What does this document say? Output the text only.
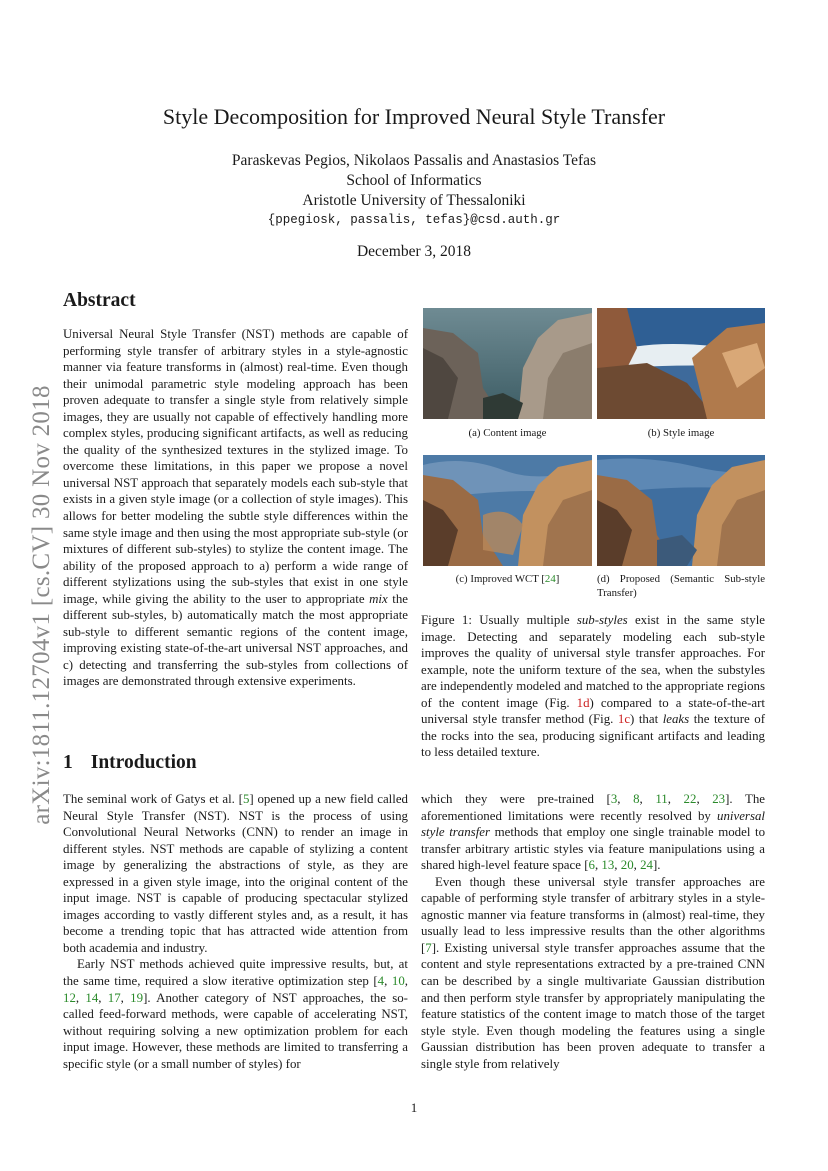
arXiv:1811.12704v1 [cs.CV] 30 Nov 2018
Style Decomposition for Improved Neural Style Transfer
Paraskevas Pegios, Nikolaos Passalis and Anastasios Tefas
School of Informatics
Aristotle University of Thessaloniki
{ppegiosk, passalis, tefas}@csd.auth.gr
December 3, 2018
Abstract

Universal Neural Style Transfer (NST) methods are capable of performing style transfer of arbitrary styles in a style-agnostic manner via feature transforms in (almost) real-time. Even though their unimodal parametric style modeling approach has been proven adequate to transfer a single style from relatively simple images, they are usually not capable of effectively handling more complex styles, producing significant artifacts, as well as reducing the quality of the synthesized textures in the stylized image. To overcome these limitations, in this paper we propose a novel universal NST approach that separately models each sub-style that exists in a given style image (or a collection of style images). This allows for better modeling the subtle style differences within the same style image and then using the most appropriate sub-style (or mixtures of different sub-styles) to stylize the content image. The ability of the proposed approach to a) perform a wide range of different stylizations using the sub-styles that exist in one style image, while giving the ability to the user to appropriate mix the different sub-styles, b) automatically match the most appropriate sub-style to different semantic regions of the content image, improving existing state-of-the-art universal NST approaches, and c) detecting and transferring the sub-styles from collections of images are demonstrated through extensive experiments.

1 Introduction

The seminal work of Gatys et al. [5] opened up a new field called Neural Style Transfer (NST). NST is the process of using Convolutional Neural Networks (CNN) to render an image in different styles. NST methods are capable of stylizing a content image by generalizing the abstractions of style, as they are expressed in a given style image, into the original content of the input image. NST is capable of producing spectacular stylized images according to vastly different styles and, as a result, it has become a trending topic that has attracted wide attention from both academia and industry.

Early NST methods achieved quite impressive results, but, at the same time, required a slow iterative optimization step [4, 10, 12, 14, 17, 19]. Another category of NST approaches, the so-called feed-forward methods, were capable of accelerating NST, without requiring solving a new optimization problem for each input image. However, these methods are limited to transferring a specific style (or a small number of styles) for

(a) Content image	(b) Style image
(c) Improved WCT [24]	(d) Proposed (Semantic Sub-style Transfer)

Figure 1: Usually multiple sub-styles exist in the same style image. Detecting and separately modeling each sub-style improves the quality of universal style transfer approaches. For example, note the uniform texture of the sea, when the substyles are independently modeled and matched to the appropriate regions of the content image (Fig. 1d) compared to a state-of-the-art universal style transfer method (Fig. 1c) that leaks the texture of the rocks into the sea, producing significant artifacts and leading to less detailed texture.

which they were pre-trained [3, 8, 11, 22, 23]. The aforementioned limitations were recently resolved by universal style transfer methods that employ one single trainable model to transfer arbitrary artistic styles via feature manipulations using a shared high-level feature space [6, 13, 20, 24].

Even though these universal style transfer approaches are capable of performing style transfer of arbitrary styles in a style-agnostic manner via feature transforms in (almost) real-time, they usually lead to less impressive results than the other algorithms [7]. Existing universal style transfer approaches assume that the content and style representations extracted by a pre-trained CNN can be described by a single multivariate Gaussian distribution and then perform style transfer by appropriately manipulating the feature statistics of the content image to match those of the target style style. Even though modeling the features using a single Gaussian distribution has been proven adequate to transfer a single style from relatively

1
